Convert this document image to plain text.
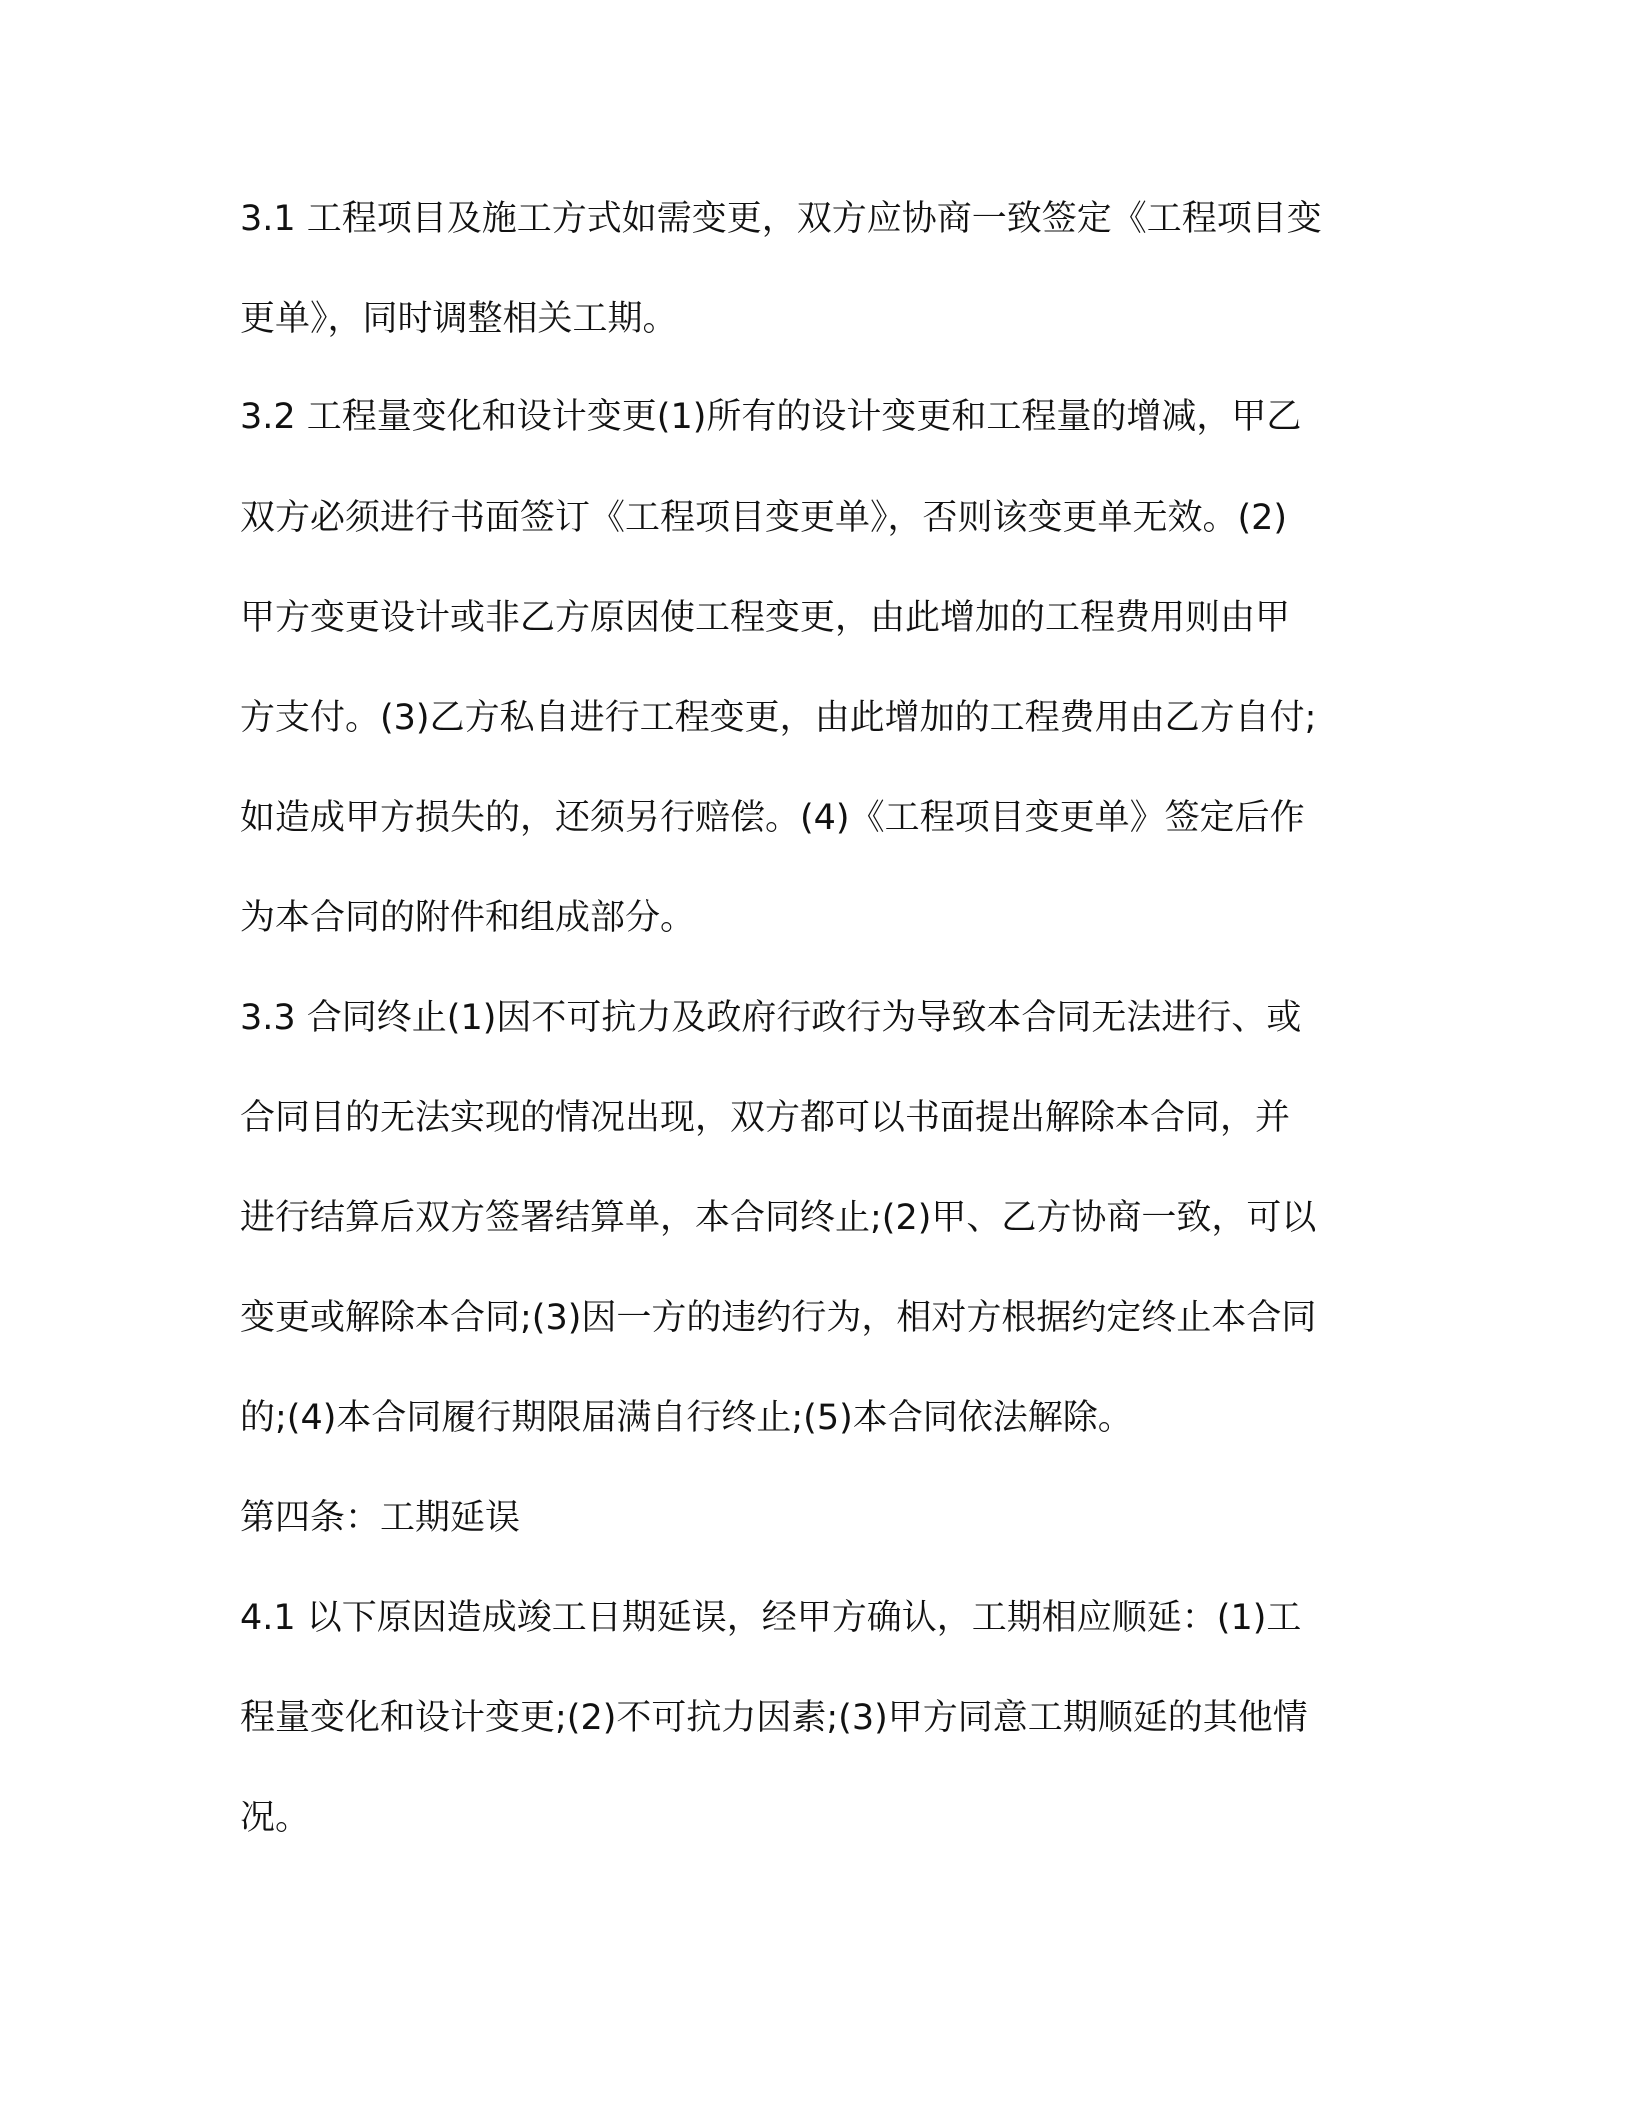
3.1 工程项目及施工方式如需变更，双方应协商一致签定《工程项目变

更单》，同时调整相关工期。

3.2 工程量变化和设计变更(1)所有的设计变更和工程量的增减，甲乙

双方必须进行书面签订《工程项目变更单》，否则该变更单无效。(2)

甲方变更设计或非乙方原因使工程变更，由此增加的工程费用则由甲

方支付。(3)乙方私自进行工程变更，由此增加的工程费用由乙方自付;

如造成甲方损失的，还须另行赔偿。(4)《工程项目变更单》签定后作

为本合同的附件和组成部分。

3.3 合同终止(1)因不可抗力及政府行政行为导致本合同无法进行、或

合同目的无法实现的情况出现，双方都可以书面提出解除本合同，并

进行结算后双方签署结算单，本合同终止;(2)甲、乙方协商一致，可以

变更或解除本合同;(3)因一方的违约行为，相对方根据约定终止本合同

的;(4)本合同履行期限届满自行终止;(5)本合同依法解除。

第四条：工期延误

4.1 以下原因造成竣工日期延误，经甲方确认，工期相应顺延：(1)工

程量变化和设计变更;(2)不可抗力因素;(3)甲方同意工期顺延的其他情

况。
